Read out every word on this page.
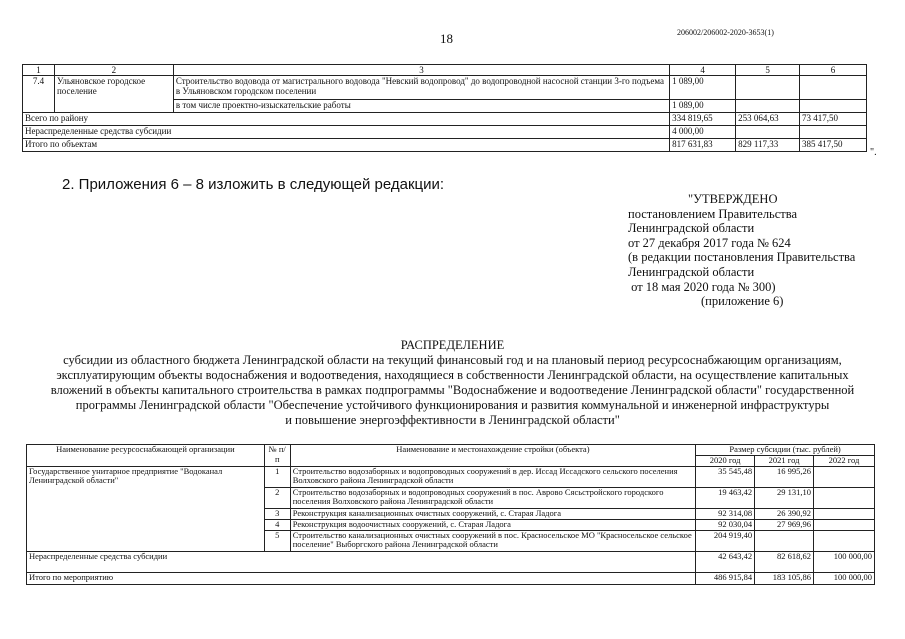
18	206002/206002-2020-3653(1)
1	2	3	4	5	6
7.4	Ульяновское городское поселение	Строительство водовода от магистрального водовода "Невский водопровод" до водопроводной насосной станции 3-го подъема в Ульяновском городском поселении	1 089,00		
		в том числе проектно-изыскательские работы	1 089,00		
Всего по району			334 819,65	253 064,63	73 417,50
Нераспределенные средства субсидии			4 000,00		
Итого по объектам			817 631,83	829 117,33	385 417,50
".
2. Приложения 6 – 8 изложить в следующей редакции:
"УТВЕРЖДЕНО
постановлением Правительства
Ленинградской области
от 27 декабря 2017 года № 624
(в редакции постановления Правительства
Ленинградской области
от 18 мая 2020 года № 300)
(приложение 6)
РАСПРЕДЕЛЕНИЕ
субсидии из областного бюджета Ленинградской области на текущий финансовый год и на плановый период ресурсоснабжающим организациям,
эксплуатирующим объекты водоснабжения и водоотведения, находящиеся в собственности Ленинградской области, на осуществление капитальных
вложений в объекты капитального строительства в рамках подпрограммы "Водоснабжение и водоотведение Ленинградской области" государственной
программы Ленинградской области "Обеспечение устойчивого функционирования и развития коммунальной и инженерной инфраструктуры
и повышение энергоэффективности в Ленинградской области"
Наименование ресурсоснабжающей организации	№ п/п	Наименование и местонахождение стройки (объекта)	Размер субсидии (тыс. рублей)		
			2020 год	2021 год	2022 год
Государственное унитарное предприятие "Водоканал Ленинградской области"	1	Строительство водозаборных и водопроводных сооружений в дер. Иссад Иссадского сельского поселения Волховского района Ленинградской области	35 545,48	16 995,26	
	2	Строительство водозаборных и водопроводных сооружений в пос. Аврово Сясьстройского городского поселения Волховского района Ленинградской области	19 463,42	29 131,10	
	3	Реконструкция канализационных очистных сооружений, с. Старая Ладога	92 314,08	26 390,92	
	4	Реконструкция водоочистных сооружений, с. Старая Ладога	92 030,04	27 969,96	
	5	Строительство канализационных очистных сооружений в пос. Красносельское МО "Красносельское сельское поселение" Выборгского района Ленинградской области	204 919,40		
Нераспределенные средства субсидии			42 643,42	82 618,62	100 000,00
Итого по мероприятию			486 915,84	183 105,86	100 000,00
